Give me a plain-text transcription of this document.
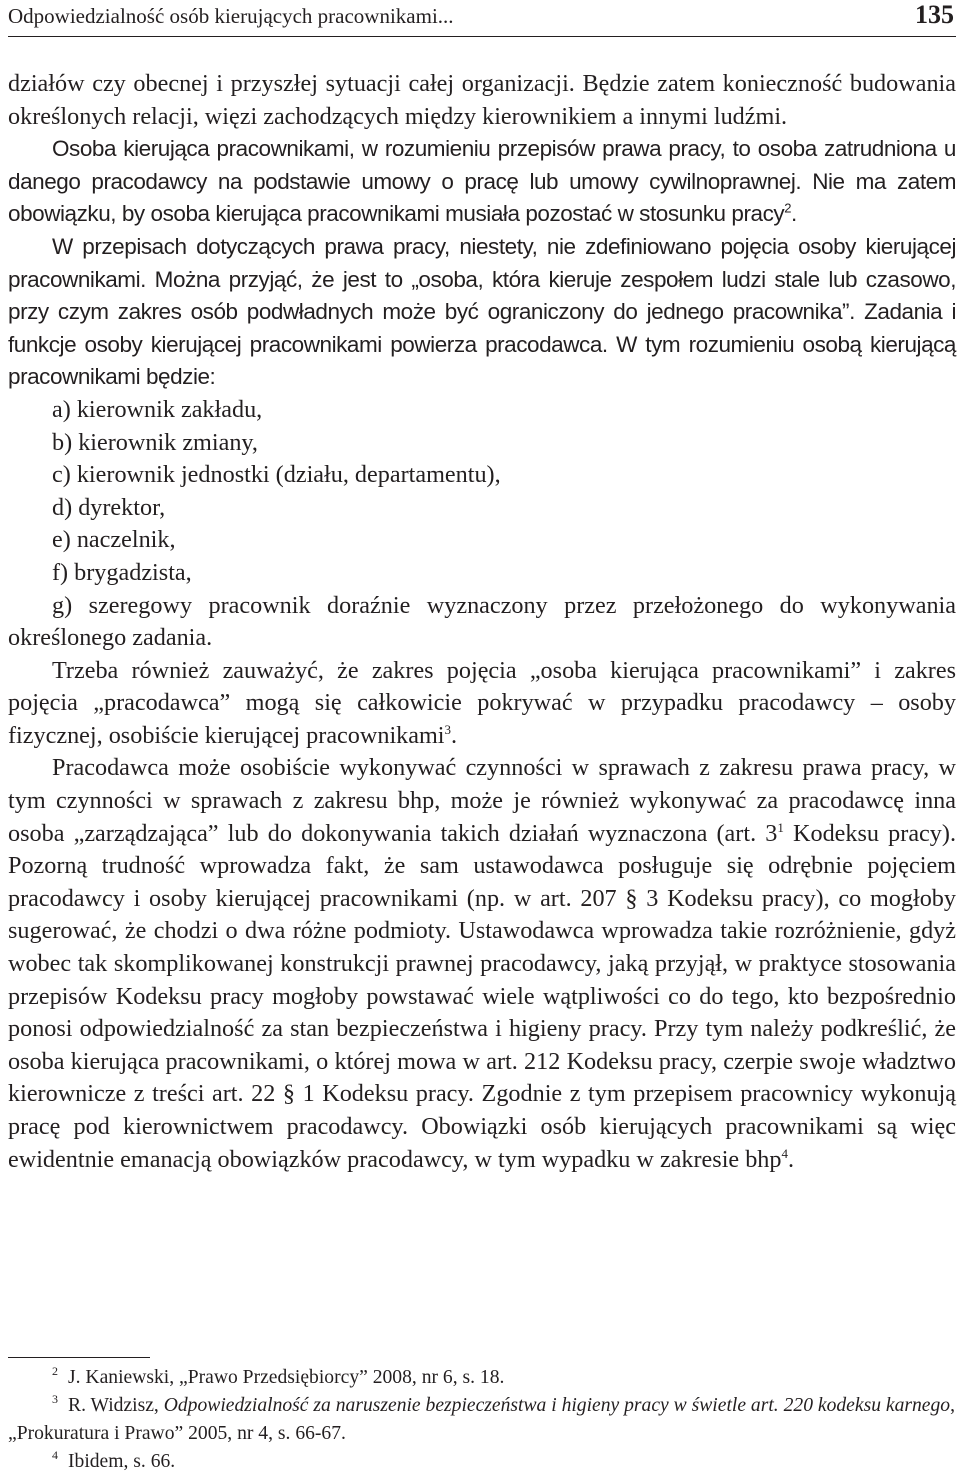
Odpowiedzialność osób kierujących pracownikami...	135

działów czy obecnej i przyszłej sytuacji całej organizacji. Będzie zatem konieczność budowania określonych relacji, więzi zachodzących między kierownikiem a innymi ludźmi.

Osoba kierująca pracownikami, w rozumieniu przepisów prawa pracy, to osoba zatrudniona u danego pracodawcy na podstawie umowy o pracę lub umowy cywilnoprawnej. Nie ma zatem obowiązku, by osoba kierująca pracownikami musiała pozostać w stosunku pracy$^2$.

W przepisach dotyczących prawa pracy, niestety, nie zdefiniowano pojęcia osoby kierującej pracownikami. Można przyjąć, że jest to „osoba, która kieruje zespołem ludzi stale lub czasowo, przy czym zakres osób podwładnych może być ograniczony do jednego pracownika”. Zadania i funkcje osoby kierującej pracownikami powierza pracodawca. W tym rozumieniu osobą kierującą pracownikami będzie:

a) kierownik zakładu,
b) kierownik zmiany,
c) kierownik jednostki (działu, departamentu),
d) dyrektor,
e) naczelnik,
f) brygadzista,
g) szeregowy pracownik doraźnie wyznaczony przez przełożonego do wykonywania określonego zadania.

Trzeba również zauważyć, że zakres pojęcia „osoba kierująca pracownikami” i zakres pojęcia „pracodawca” mogą się całkowicie pokrywać w przypadku pracodawcy – osoby fizycznej, osobiście kierującej pracownikami$^3$.

Pracodawca może osobiście wykonywać czynności w sprawach z zakresu prawa pracy, w tym czynności w sprawach z zakresu bhp, może je również wykonywać za pracodawcę inna osoba „zarządzająca” lub do dokonywania takich działań wyznaczona (art. $3^1$ Kodeksu pracy). Pozorną trudność wprowadza fakt, że sam ustawodawca posługuje się odrębnie pojęciem pracodawcy i osoby kierującej pracownikami (np. w art. 207 § 3 Kodeksu pracy), co mogłoby sugerować, że chodzi o dwa różne podmioty. Ustawodawca wprowadza takie rozróżnienie, gdyż wobec tak skomplikowanej konstrukcji prawnej pracodawcy, jaką przyjął, w praktyce stosowania przepisów Kodeksu pracy mogłoby powstawać wiele wątpliwości co do tego, kto bezpośrednio ponosi odpowiedzialność za stan bezpieczeństwa i higieny pracy. Przy tym należy podkreślić, że osoba kierująca pracownikami, o której mowa w art. 212 Kodeksu pracy, czerpie swoje władztwo kierownicze z treści art. 22 § 1 Kodeksu pracy. Zgodnie z tym przepisem pracownicy wykonują pracę pod kierownictwem pracodawcy. Obowiązki osób kierujących pracownikami są więc ewidentnie emanacją obowiązków pracodawcy, w tym wypadku w zakresie bhp$^4$.

$^2$ J. Kaniewski, „Prawo Przedsiębiorcy” 2008, nr 6, s. 18.

$^3$ R. Widzisz, Odpowiedzialność za naruszenie bezpieczeństwa i higieny pracy w świetle art. 220 kodeksu karnego, „Prokuratura i Prawo” 2005, nr 4, s. 66-67.

$^4$ Ibidem, s. 66.
